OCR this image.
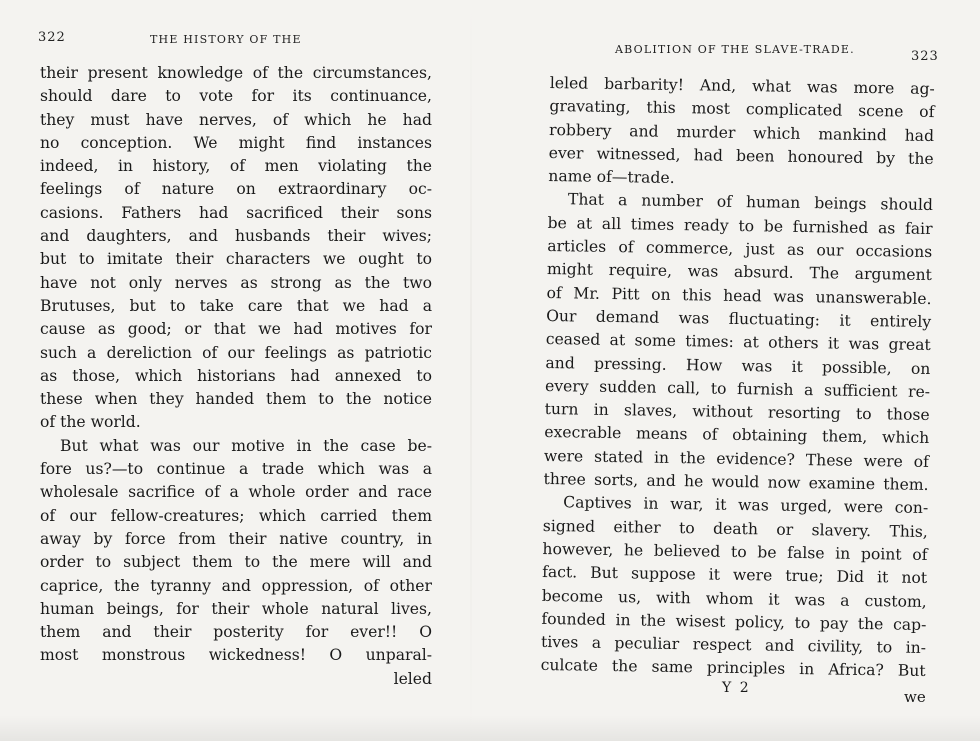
322	THE HISTORY OF THE
their present knowledge of the circumstances,
should dare to vote for its continuance,
they must have nerves, of which he had
no conception. We might find instances
indeed, in history, of men violating the
feelings of nature on extraordinary oc-
casions. Fathers had sacrificed their sons
and daughters, and husbands their wives;
but to imitate their characters we ought to
have not only nerves as strong as the two
Brutuses, but to take care that we had a
cause as good; or that we had motives for
such a dereliction of our feelings as patriotic
as those, which historians had annexed to
these when they handed them to the notice
of the world.
But what was our motive in the case be-
fore us?—to continue a trade which was a
wholesale sacrifice of a whole order and race
of our fellow-creatures; which carried them
away by force from their native country, in
order to subject them to the mere will and
caprice, the tyranny and oppression, of other
human beings, for their whole natural lives,
them and their posterity for ever!! O
most monstrous wickedness! O unparal-
leled
ABOLITION OF THE SLAVE-TRADE.	323
leled barbarity! And, what was more ag-
gravating, this most complicated scene of
robbery and murder which mankind had
ever witnessed, had been honoured by the
name of—trade.
That a number of human beings should
be at all times ready to be furnished as fair
articles of commerce, just as our occasions
might require, was absurd. The argument
of Mr. Pitt on this head was unanswerable.
Our demand was fluctuating: it entirely
ceased at some times: at others it was great
and pressing. How was it possible, on
every sudden call, to furnish a sufficient re-
turn in slaves, without resorting to those
execrable means of obtaining them, which
were stated in the evidence? These were of
three sorts, and he would now examine them.
Captives in war, it was urged, were con-
signed either to death or slavery. This,
however, he believed to be false in point of
fact. But suppose it were true; Did it not
become us, with whom it was a custom,
founded in the wisest policy, to pay the cap-
tives a peculiar respect and civility, to in-
culcate the same principles in Africa? But
Y 2	we
